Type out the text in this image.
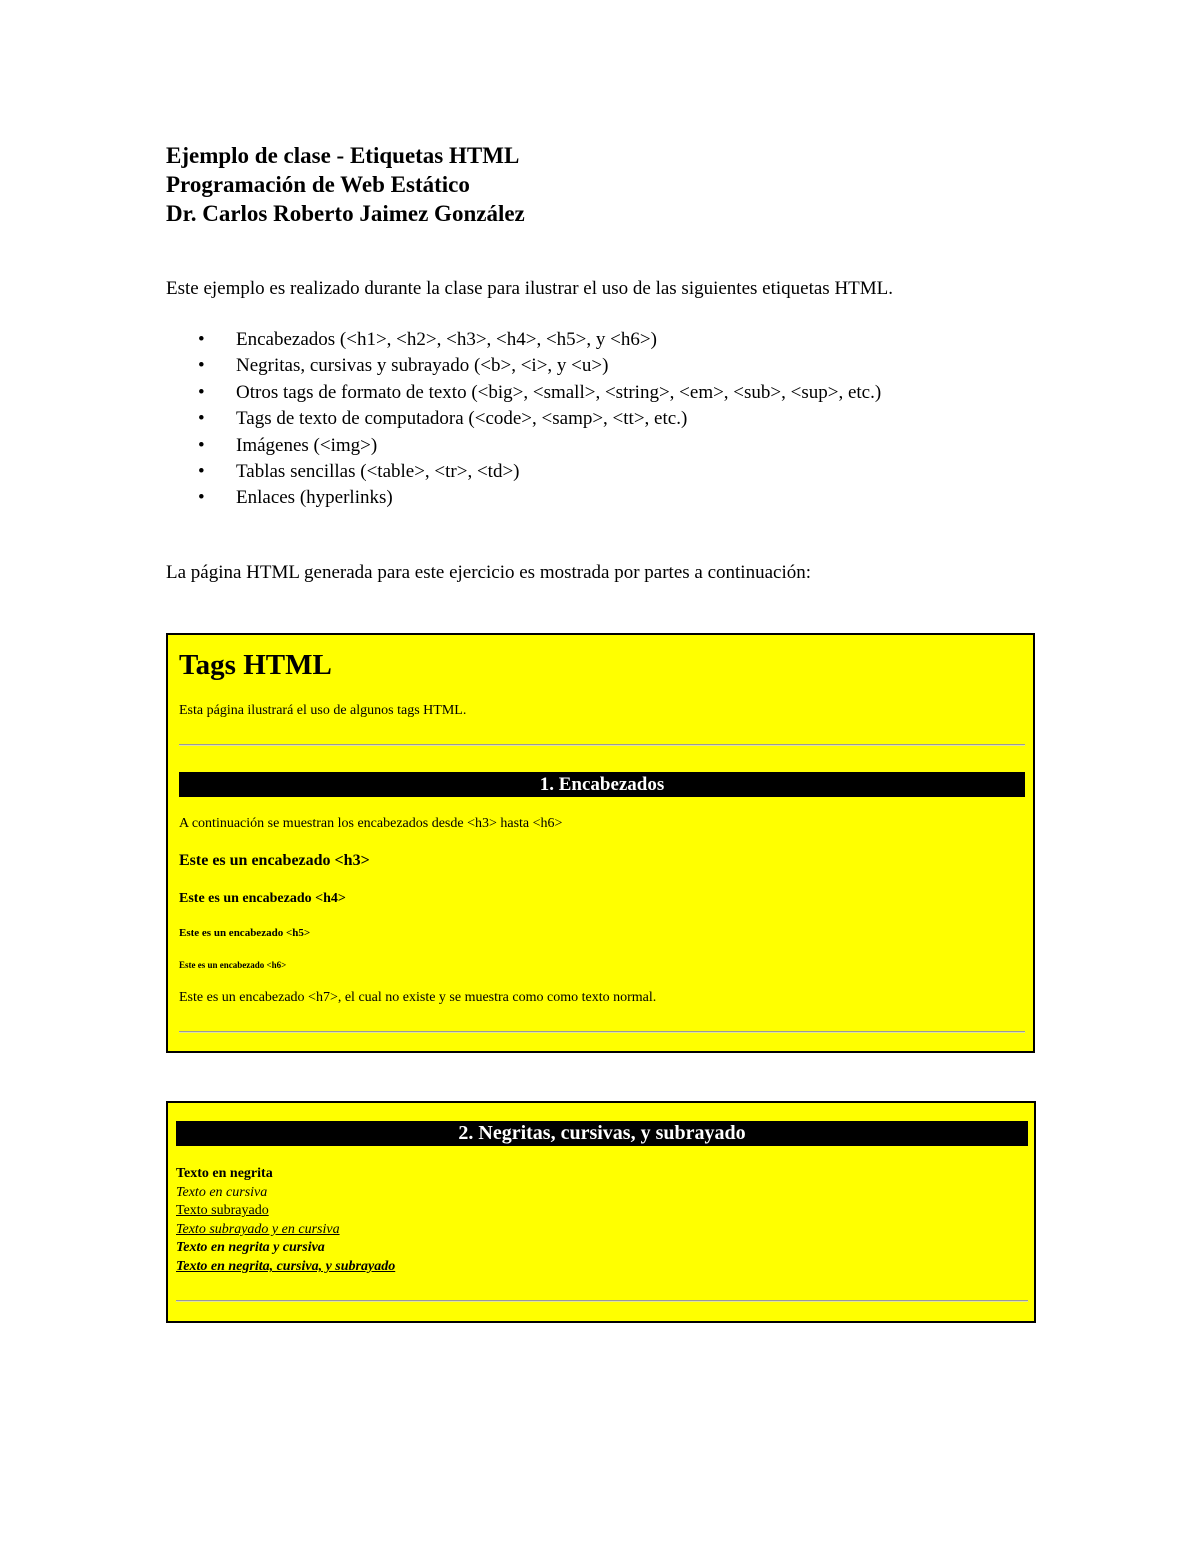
Ejemplo de clase - Etiquetas HTML
Programación de Web Estático
Dr. Carlos Roberto Jaimez González
Este ejemplo es realizado durante la clase para ilustrar el uso de las siguientes etiquetas HTML.
• Encabezados (<h1>, <h2>, <h3>, <h4>, <h5>, y <h6>)
• Negritas, cursivas y subrayado (<b>, <i>, y <u>)
• Otros tags de formato de texto (<big>, <small>, <string>, <em>, <sub>, <sup>, etc.)
• Tags de texto de computadora (<code>, <samp>, <tt>, etc.)
• Imágenes (<img>)
• Tablas sencillas (<table>, <tr>, <td>)
• Enlaces (hyperlinks)
La página HTML generada para este ejercicio es mostrada por partes a continuación:
Tags HTML
Esta página ilustrará el uso de algunos tags HTML.
1. Encabezados
A continuación se muestran los encabezados desde <h3> hasta <h6>
Este es un encabezado <h3>
Este es un encabezado <h4>
Este es un encabezado <h5>
Este es un encabezado <h6>
Este es un encabezado <h7>, el cual no existe y se muestra como como texto normal.
2. Negritas, cursivas, y subrayado
Texto en negrita
Texto en cursiva
Texto subrayado
Texto subrayado y en cursiva
Texto en negrita y cursiva
Texto en negrita, cursiva, y subrayado
